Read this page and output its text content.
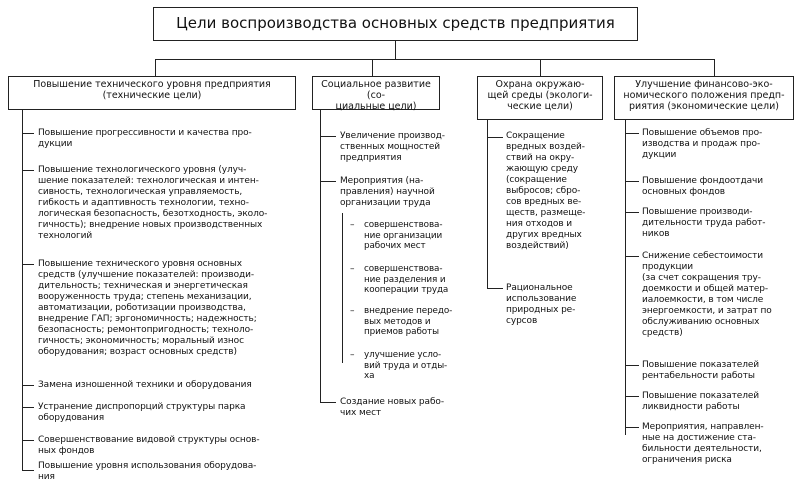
Цели воспроизводства основных средств предприятия
Повышение технического уровня предприятия
(технические цели)
Социальное развитие (со-
циальные цели)
Охрана окружаю-
щей среды (экологи-
ческие цели)
Улучшение финансово-эко-
номического положения предп-
риятия (экономические цели)
Повышение прогрессивности и качества про-
дукции
Повышение технологического уровня (улуч-
шение показателей: технологическая и интен-
сивность, технологическая управляемость,
гибкость и адаптивность технологии, техно-
логическая безопасность, безотходность, эколо-
гичность); внедрение новых производственных
технологий
Повышение технического уровня основных
средств (улучшение показателей: производи-
дительность; техническая и энергетическая
вооруженность труда; степень механизации,
автоматизации, роботизации производства,
внедрение ГАП; эргономичность; надежность;
безопасность; ремонтопригодность; техноло-
гичность; экономичность; моральный износ
оборудования; возраст основных средств)
Замена изношенной техники и оборудования
Устранение диспропорций структуры парка
оборудования
Совершенствование видовой структуры основ-
ных фондов
Повышение уровня использования оборудова-
ния
Увеличение производ-
ственных мощностей
предприятия
Мероприятия (на-
правления) научной
организации труда
– совершенствова-
ние организации
рабочих мест
– совершенствова-
ние разделения и
кооперации труда
– внедрение передо-
вых методов и
приемов работы
– улучшение усло-
вий труда и отды-
ха
Создание новых рабо-
чих мест
Сокращение
вредных воздей-
ствий на окру-
жающую среду
(сокращение
выбросов; сбро-
сов вредных ве-
ществ, размеще-
ния отходов и
других вредных
воздействий)
Рациональное
использование
природных ре-
сурсов
Повышение объемов про-
изводства и продаж про-
дукции
Повышение фондоотдачи
основных фондов
Повышение производи-
дительности труда работ-
ников
Снижение себестоимости
продукции
(за счет сокращения тру-
доемкости и общей матер-
иалоемкости, в том числе
энергоемкости, и затрат по
обслуживанию основных
средств)
Повышение показателей
рентабельности работы
Повышение показателей
ликвидности работы
Мероприятия, направлен-
ные на достижение ста-
бильности деятельности,
ограничения риска
